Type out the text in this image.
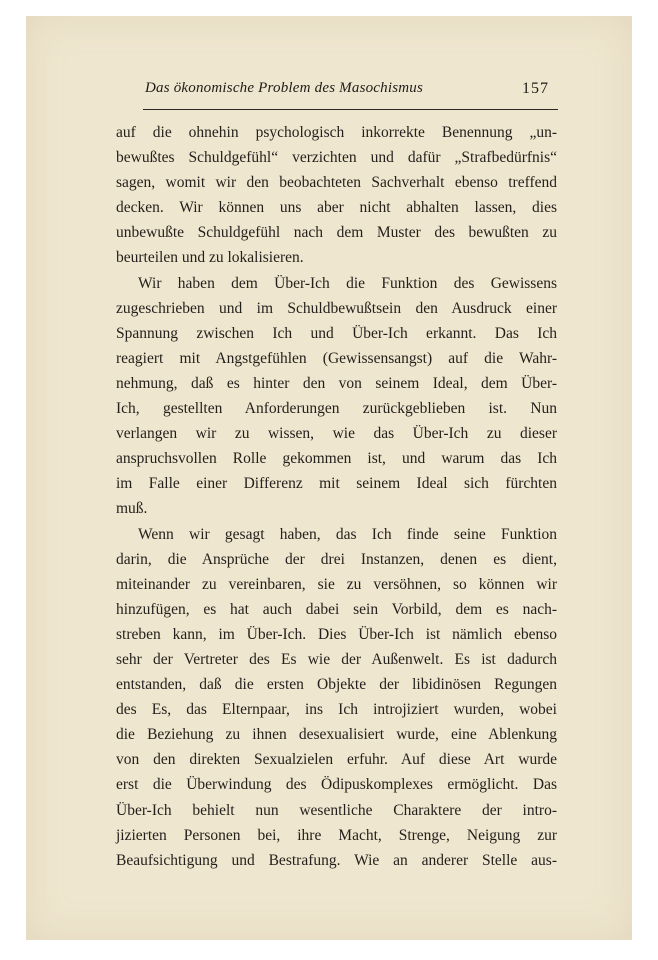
Das ökonomische Problem des Masochismus	157
auf die ohnehin psychologisch inkorrekte Benennung „un-
bewußtes Schuldgefühl“ verzichten und dafür „Strafbedürfnis“
sagen, womit wir den beobachteten Sachverhalt ebenso treffend
decken. Wir können uns aber nicht abhalten lassen, dies
unbewußte Schuldgefühl nach dem Muster des bewußten zu
beurteilen und zu lokalisieren.
Wir haben dem Über-Ich die Funktion des Gewissens
zugeschrieben und im Schuldbewußtsein den Ausdruck einer
Spannung zwischen Ich und Über-Ich erkannt. Das Ich
reagiert mit Angstgefühlen (Gewissensangst) auf die Wahr-
nehmung, daß es hinter den von seinem Ideal, dem Über-
Ich, gestellten Anforderungen zurückgeblieben ist. Nun
verlangen wir zu wissen, wie das Über-Ich zu dieser
anspruchsvollen Rolle gekommen ist, und warum das Ich
im Falle einer Differenz mit seinem Ideal sich fürchten
muß.
Wenn wir gesagt haben, das Ich finde seine Funktion
darin, die Ansprüche der drei Instanzen, denen es dient,
miteinander zu vereinbaren, sie zu versöhnen, so können wir
hinzufügen, es hat auch dabei sein Vorbild, dem es nach-
streben kann, im Über-Ich. Dies Über-Ich ist nämlich ebenso
sehr der Vertreter des Es wie der Außenwelt. Es ist dadurch
entstanden, daß die ersten Objekte der libidinösen Regungen
des Es, das Elternpaar, ins Ich introjiziert wurden, wobei
die Beziehung zu ihnen desexualisiert wurde, eine Ablenkung
von den direkten Sexualzielen erfuhr. Auf diese Art wurde
erst die Überwindung des Ödipuskomplexes ermöglicht. Das
Über-Ich behielt nun wesentliche Charaktere der intro-
jizierten Personen bei, ihre Macht, Strenge, Neigung zur
Beaufsichtigung und Bestrafung. Wie an anderer Stelle aus-
